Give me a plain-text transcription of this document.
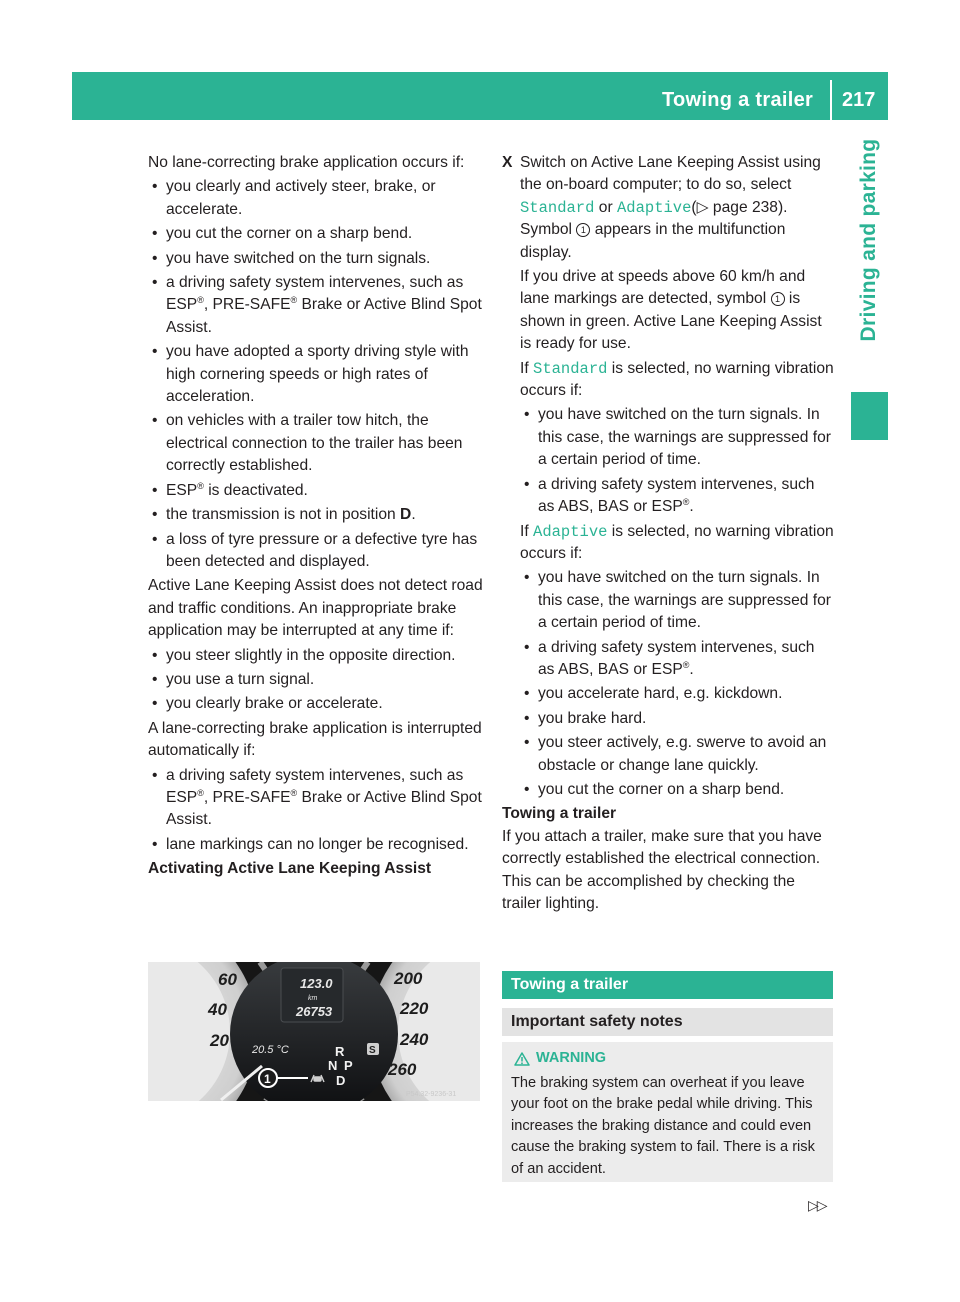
Towing a trailer 217
Driving and parking

No lane-correcting brake application occurs if:

• you clearly and actively steer, brake, or accelerate.
• you cut the corner on a sharp bend.
• you have switched on the turn signals.
• a driving safety system intervenes, such as ESP®, PRE-SAFE® Brake or Active Blind Spot Assist.
• you have adopted a sporty driving style with high cornering speeds or high rates of acceleration.
• on vehicles with a trailer tow hitch, the electrical connection to the trailer has been correctly established.
• ESP® is deactivated.
• the transmission is not in position D.
• a loss of tyre pressure or a defective tyre has been detected and displayed.

Active Lane Keeping Assist does not detect road and traffic conditions. An inappropriate brake application may be interrupted at any time if:

• you steer slightly in the opposite direction.
• you use a turn signal.
• you clearly brake or accelerate.

A lane-correcting brake application is interrupted automatically if:

• a driving safety system intervenes, such as ESP®, PRE-SAFE® Brake or Active Blind Spot Assist.
• lane markings can no longer be recognised.

Activating Active Lane Keeping Assist

60
40
20
200
220
240
260
123.0
km
26753
20.5 °C	R
N P
D
S
1
P54.32-9236-31
X Switch on Active Lane Keeping Assist using the on-board computer; to do so, select Standard or Adaptive(▷ page 238). Symbol 1 appears in the multifunction display.

If you drive at speeds above 60 km/h and lane markings are detected, symbol 1 is shown in green. Active Lane Keeping Assist is ready for use.

If Standard is selected, no warning vibration occurs if:

• you have switched on the turn signals. In this case, the warnings are suppressed for a certain period of time.
• a driving safety system intervenes, such as ABS, BAS or ESP®.

If Adaptive is selected, no warning vibration occurs if:

• you have switched on the turn signals. In this case, the warnings are suppressed for a certain period of time.
• a driving safety system intervenes, such as ABS, BAS or ESP®.
• you accelerate hard, e.g. kickdown.
• you brake hard.
• you steer actively, e.g. swerve to avoid an obstacle or change lane quickly.
• you cut the corner on a sharp bend.

Towing a trailer

If you attach a trailer, make sure that you have correctly established the electrical connection. This can be accomplished by checking the trailer lighting.

Towing a trailer
Important safety notes
WARNING
The braking system can overheat if you leave your foot on the brake pedal while driving. This increases the braking distance and could even cause the braking system to fail. There is a risk of an accident.
▷▷
